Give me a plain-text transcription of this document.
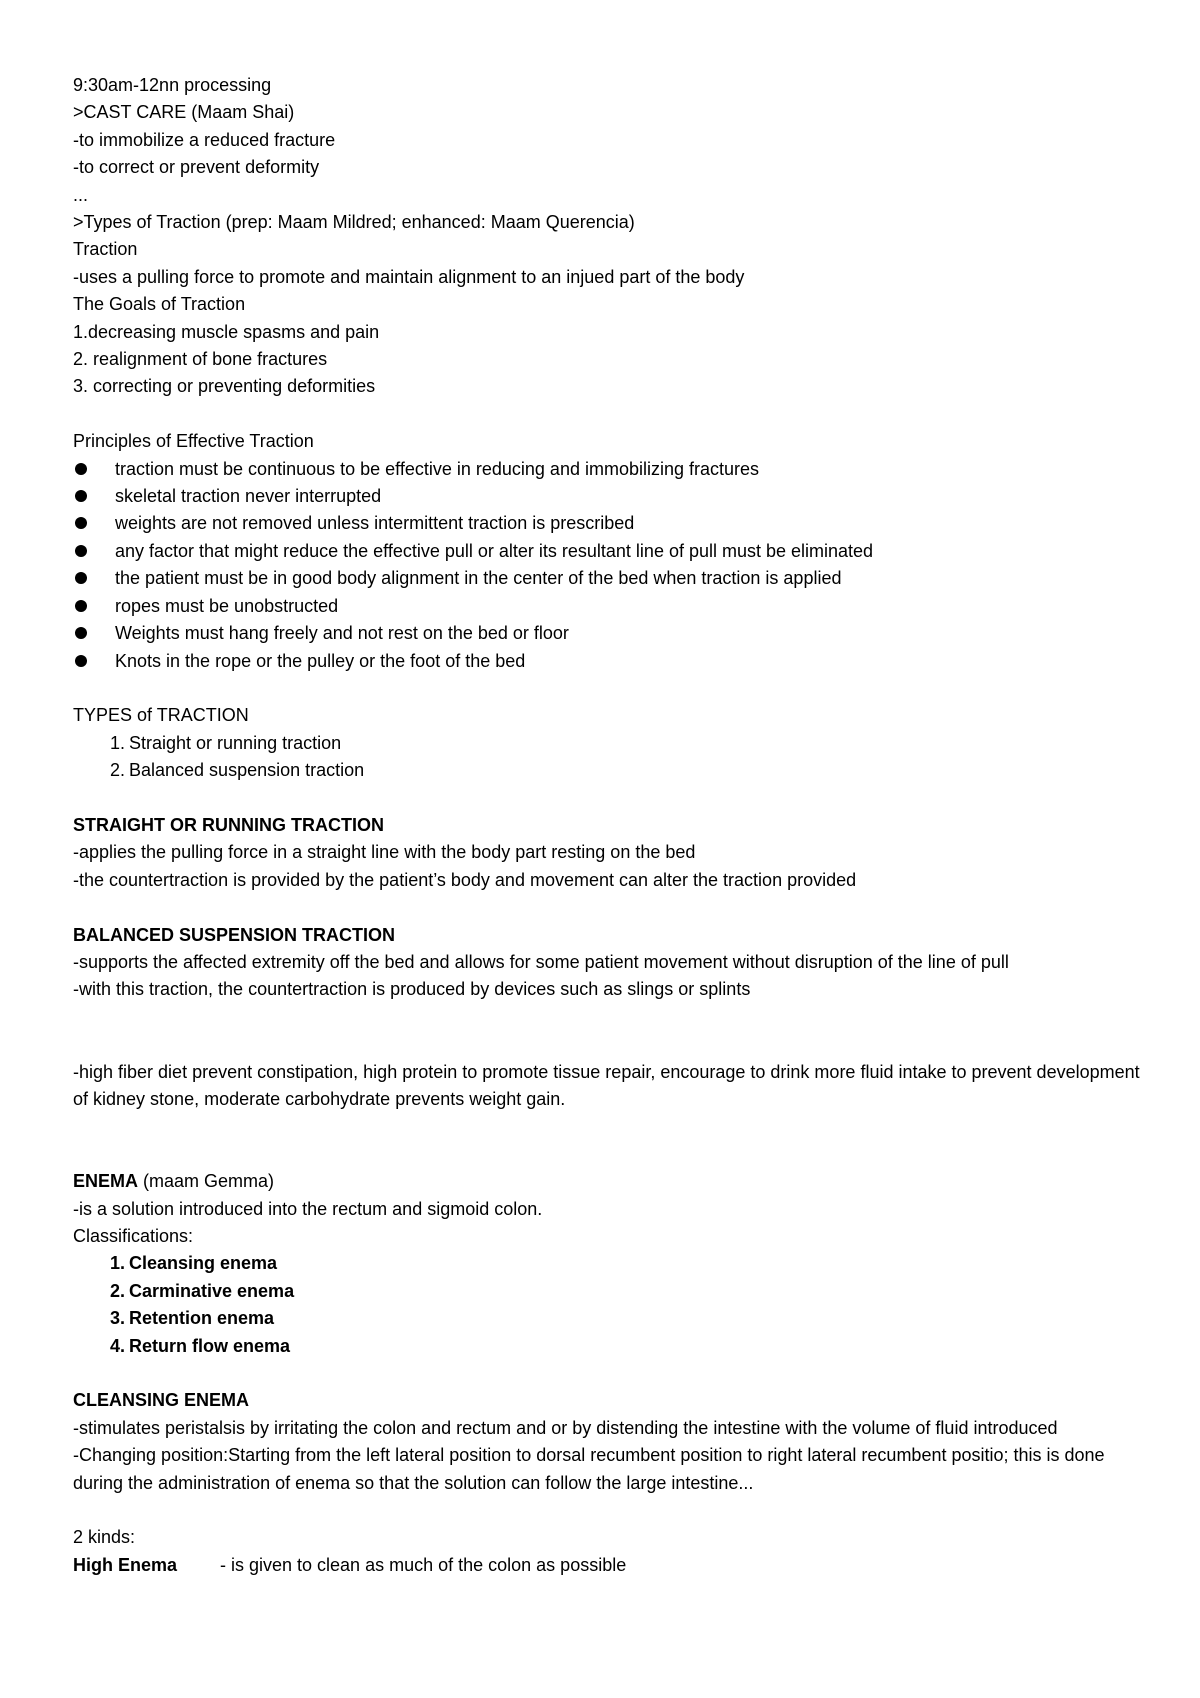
9:30am-12nn processing
>CAST CARE (Maam Shai)
-to immobilize a reduced fracture
-to correct or prevent deformity
...
>Types of Traction (prep: Maam Mildred; enhanced: Maam Querencia)
Traction
-uses a pulling force to promote and maintain alignment to an injued part of the body
The Goals of Traction
1.decreasing muscle spasms and pain
2. realignment of bone fractures
3. correcting or preventing deformities
Principles of Effective Traction
traction must be continuous to be effective in reducing and immobilizing fractures
skeletal traction never interrupted
weights are not removed unless intermittent traction is prescribed
any factor that might reduce the effective pull or alter its resultant line of pull must be eliminated
the patient must be in good body alignment in the center of the bed when traction is applied
ropes must be unobstructed
Weights must hang freely and not rest on the bed or floor
Knots in the rope or the pulley or the foot of the bed
TYPES of TRACTION
1. Straight or running traction
2. Balanced suspension traction
STRAIGHT OR RUNNING TRACTION
-applies the pulling force in a straight line with the body part resting on the bed
-the countertraction is provided by the patient’s body and movement can alter the traction provided
BALANCED SUSPENSION TRACTION
-supports the affected extremity off the bed and allows for some patient movement without disruption of the line of pull
-with this traction, the countertraction is produced by devices such as slings or splints
-high fiber diet prevent constipation, high protein to promote tissue repair, encourage to drink more fluid intake to prevent development of kidney stone, moderate carbohydrate prevents weight gain.
ENEMA (maam Gemma)
-is a solution introduced into the rectum and sigmoid colon.
Classifications:
1. Cleansing enema
2. Carminative enema
3. Retention enema
4. Return flow enema
CLEANSING ENEMA
-stimulates peristalsis by irritating the colon and rectum and or by distending the intestine with the volume of fluid introduced
-Changing position:Starting from the left lateral position to dorsal recumbent position to right lateral recumbent positio; this is done during the administration of enema so that the solution can follow the large intestine...
2 kinds:
High Enema - is given to clean as much of the colon as possible
